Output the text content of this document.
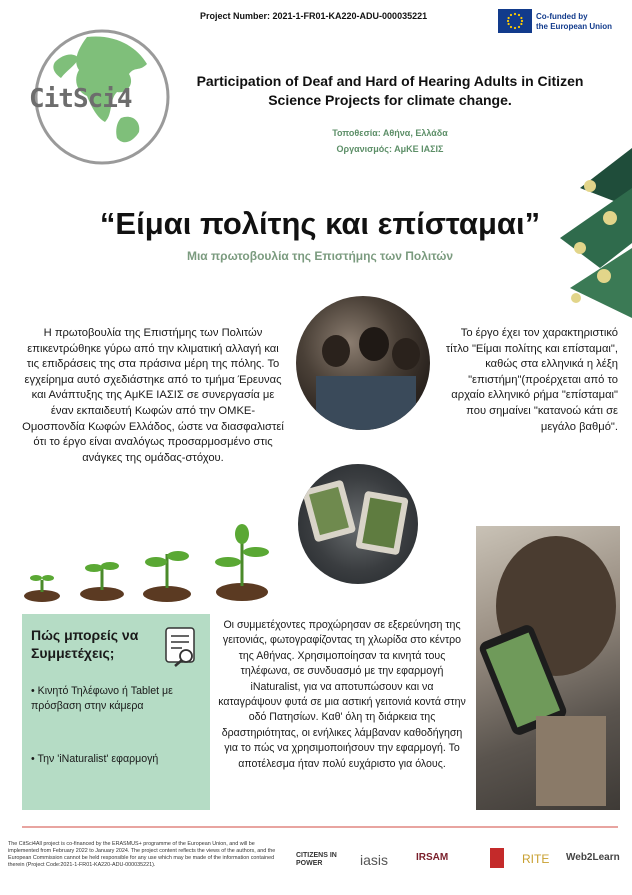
Project Number: 2021-1-FR01-KA220-ADU-000035221	Co-funded by
the European Union
CitSci4
Participation of Deaf and Hard of Hearing Adults in Citizen Science Projects for climate change.
Τοποθεσία: Αθήνα, Ελλάδα
Οργανισμός: ΑμΚΕ ΙΑΣΙΣ
“Είμαι πολίτης και επίσταμαι”
Μια πρωτοβουλία της Επιστήμης των Πολιτών
Η πρωτοβουλία της Επιστήμης των Πολιτών επικεντρώθηκε γύρω από την κλιματική αλλαγή και τις επιδράσεις της στα πράσινα μέρη της πόλης. Το εγχείρημα αυτό σχεδιάστηκε από το τμήμα Έρευνας και Ανάπτυξης της ΑμΚΕ ΙΑΣΙΣ σε συνεργασία με έναν εκπαιδευτή Κωφών από την ΟΜΚΕ- Ομοσπονδία Κωφών Ελλάδος, ώστε να διασφαλιστεί ότι το έργο είναι αναλόγως προσαρμοσμένο στις ανάγκες της ομάδας-στόχου.
Το έργο έχει τον χαρακτηριστικό τίτλο "Είμαι πολίτης και επίσταμαι", καθώς στα ελληνικά η λέξη "επιστήμη"(προέρχεται από το αρχαίο ελληνικό ρήμα "επίσταμαι" που σημαίνει "κατανοώ κάτι σε μεγάλο βαθμό".
Πώς μπορείς να Συμμετέχεις;
• Κινητό Τηλέφωνο ή Tablet με πρόσβαση στην κάμερα
• Την 'iNaturalist' εφαρμογή
Οι συμμετέχοντες προχώρησαν σε εξερεύνηση της γειτονιάς, φωτογραφίζοντας τη χλωρίδα στο κέντρο της Αθήνας. Χρησιμοποίησαν τα κινητά τους τηλέφωνα, σε συνδυασμό με την εφαρμογή iNaturalist, για να αποτυπώσουν και να καταγράψουν φυτά σε μια αστική γειτονιά κοντά στην οδό Πατησίων. Καθ' όλη τη διάρκεια της δραστηριότητας, οι ενήλικες λάμβαναν καθοδήγηση για το πώς να χρησιμοποιήσουν την εφαρμογή. Το αποτέλεσμα ήταν πολύ ευχάριστο για όλους.
The CitSci4All project is co-financed by the ERASMUS+ programme of the European Union, and will be implemented from February 2022 to January 2024. The project content reflects the views of the authors, and the European Commission cannot be held responsible for any use which may be made of the information contained therein (Project Code:2021-1-FR01-KA220-ADU-000035221).
CITIZENS IN POWER	iasis	IRSAM	RITE Web2Learn
